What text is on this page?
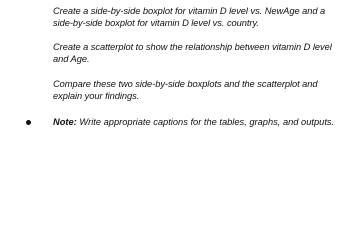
Create a side-by-side boxplot for vitamin D level vs. NewAge and a side-by-side boxplot for vitamin D level vs. country.

Create a scatterplot to show the relationship between vitamin D level and Age.

Compare these two side-by-side boxplots and the scatterplot and explain your findings.

Note: Write appropriate captions for the tables, graphs, and outputs.
